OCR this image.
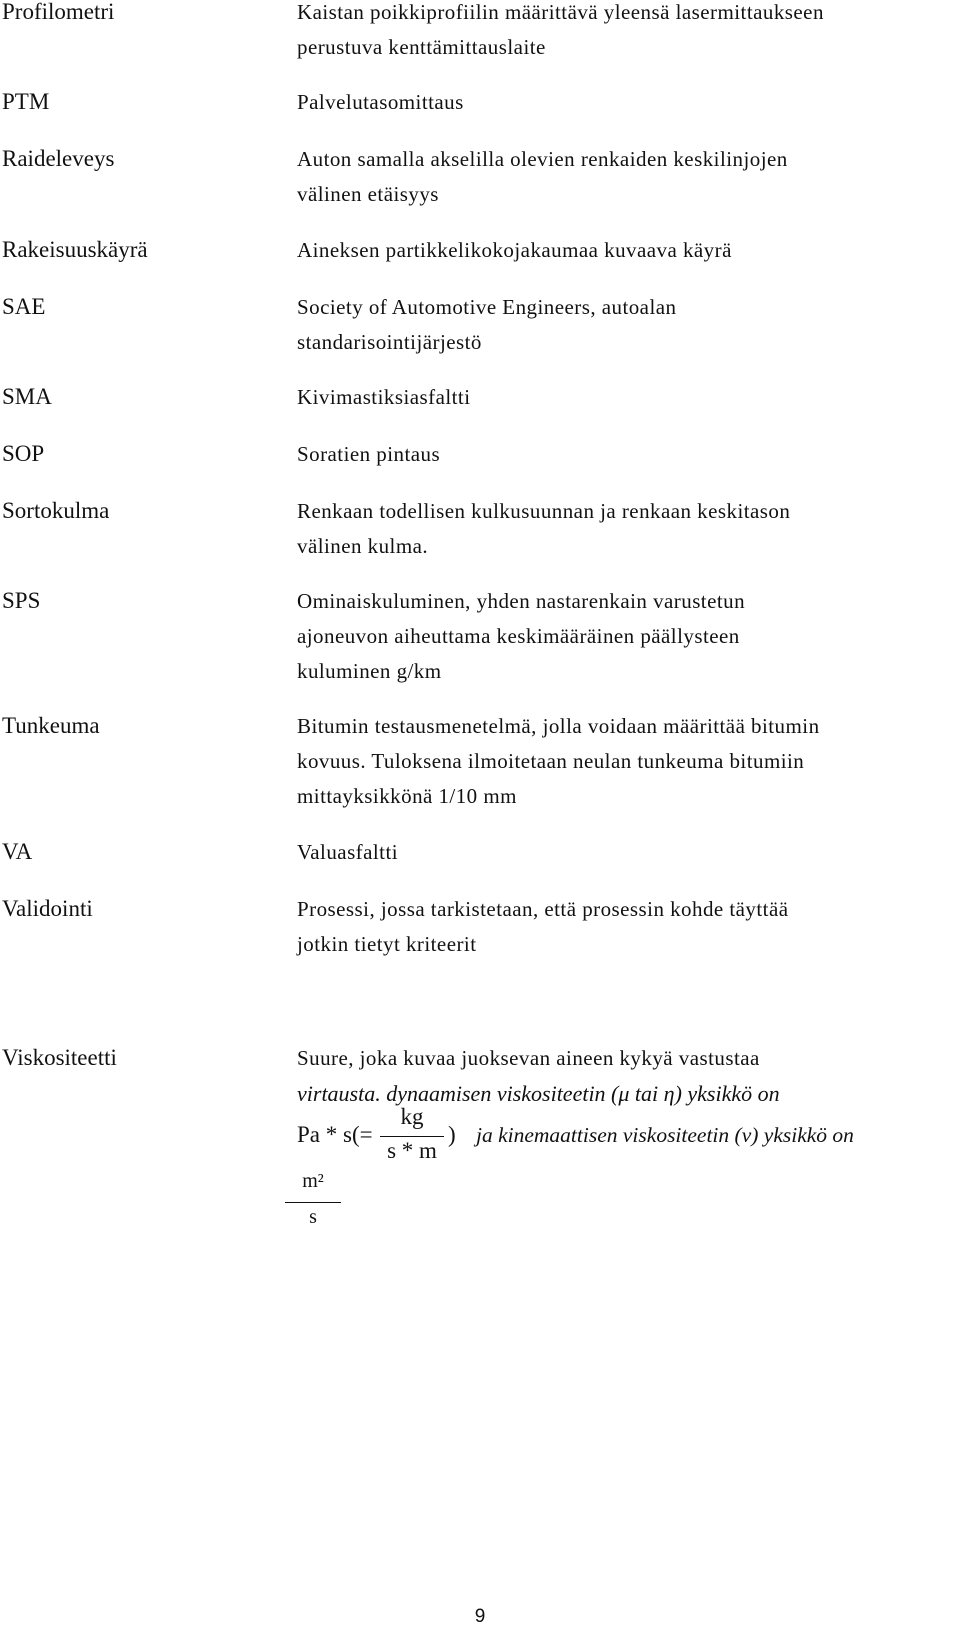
Profilometri	Kaistan poikkiprofiilin määrittävä yleensä lasermittaukseen
perustuva kenttämittauslaite
PTM	Palvelutasomittaus
Raideleveys	Auton samalla akselilla olevien renkaiden keskilinjojen
välinen etäisyys
Rakeisuuskäyrä	Aineksen partikkelikokojakaumaa kuvaava käyrä
SAE	Society of Automotive Engineers, autoalan
standarisointijärjestö
SMA	Kivimastiksiasfaltti
SOP	Soratien pintaus
Sortokulma	Renkaan todellisen kulkusuunnan ja renkaan keskitason
välinen kulma.
SPS	Ominaiskuluminen, yhden nastarenkain varustetun
ajoneuvon aiheuttama keskimääräinen päällysteen
kuluminen g/km
Tunkeuma	Bitumin testausmenetelmä, jolla voidaan määrittää bitumin
kovuus. Tuloksena ilmoitetaan neulan tunkeuma bitumiin
mittayksikkönä 1/10 mm
VA	Valuasfaltti
Validointi	Prosessi, jossa tarkistetaan, että prosessin kohde täyttää
jotkin tietyt kriteerit
Viskositeetti	Suure, joka kuvaa juoksevan aineen kykyä vastustaa
virtausta. dynaamisen viskositeetin (μ tai η) yksikkö on
Pa * s(=
kg
s * m
) ja kinemaattisen viskositeetin (v) yksikkö on
m²
s
9
